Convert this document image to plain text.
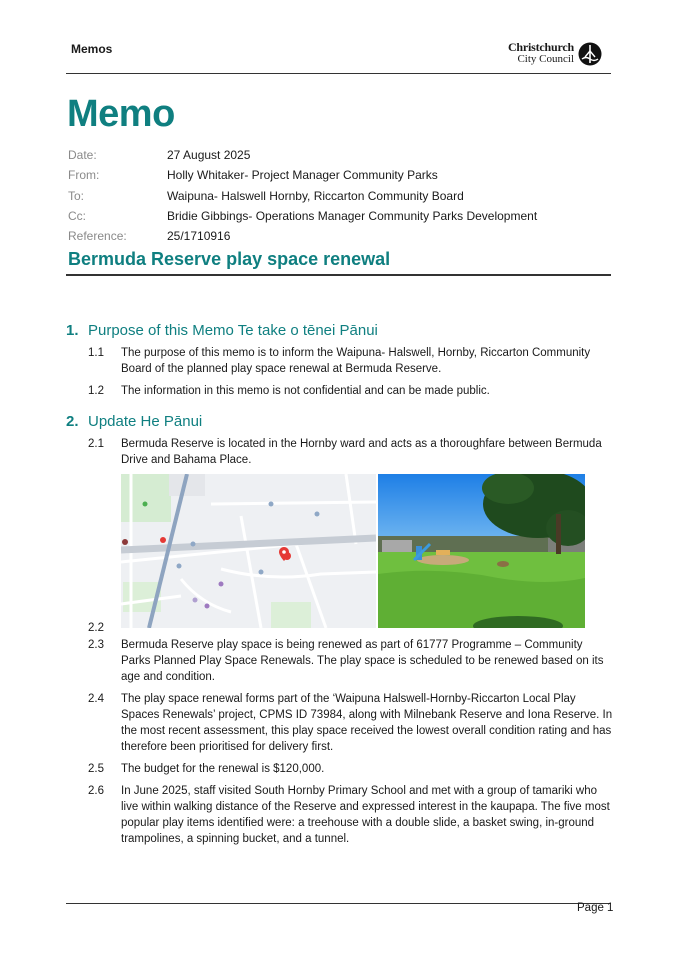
Memos	Christchurch
City Council
Memo
Date:	27 August 2025
From:	Holly Whitaker- Project Manager Community Parks
To:	Waipuna- Halswell Hornby, Riccarton Community Board
Cc:	Bridie Gibbings- Operations Manager Community Parks Development
Reference:	25/1710916
Bermuda Reserve play space renewal
1. Purpose of this Memo Te take o tēnei Pānui
1.1 The purpose of this memo is to inform the Waipuna- Halswell, Hornby, Riccarton Community Board of the planned play space renewal at Bermuda Reserve.
1.2 The information in this memo is not confidential and can be made public.
2. Update He Pānui
2.1 Bermuda Reserve is located in the Hornby ward and acts as a thoroughfare between Bermuda Drive and Bahama Place.
2.2
2.3 Bermuda Reserve play space is being renewed as part of 61777 Programme – Community Parks Planned Play Space Renewals. The play space is scheduled to be renewed based on its age and condition.
2.4 The play space renewal forms part of the ‘Waipuna Halswell-Hornby-Riccarton Local Play Spaces Renewals’ project, CPMS ID 73984, along with Milnebank Reserve and Iona Reserve. In the most recent assessment, this play space received the lowest overall condition rating and has therefore been prioritised for delivery first.
2.5 The budget for the renewal is $120,000.
2.6 In June 2025, staff visited South Hornby Primary School and met with a group of tamariki who live within walking distance of the Reserve and expressed interest in the kaupapa. The five most popular play items identified were: a treehouse with a double slide, a basket swing, in-ground trampolines, a spinning bucket, and a tunnel.
Page 1
